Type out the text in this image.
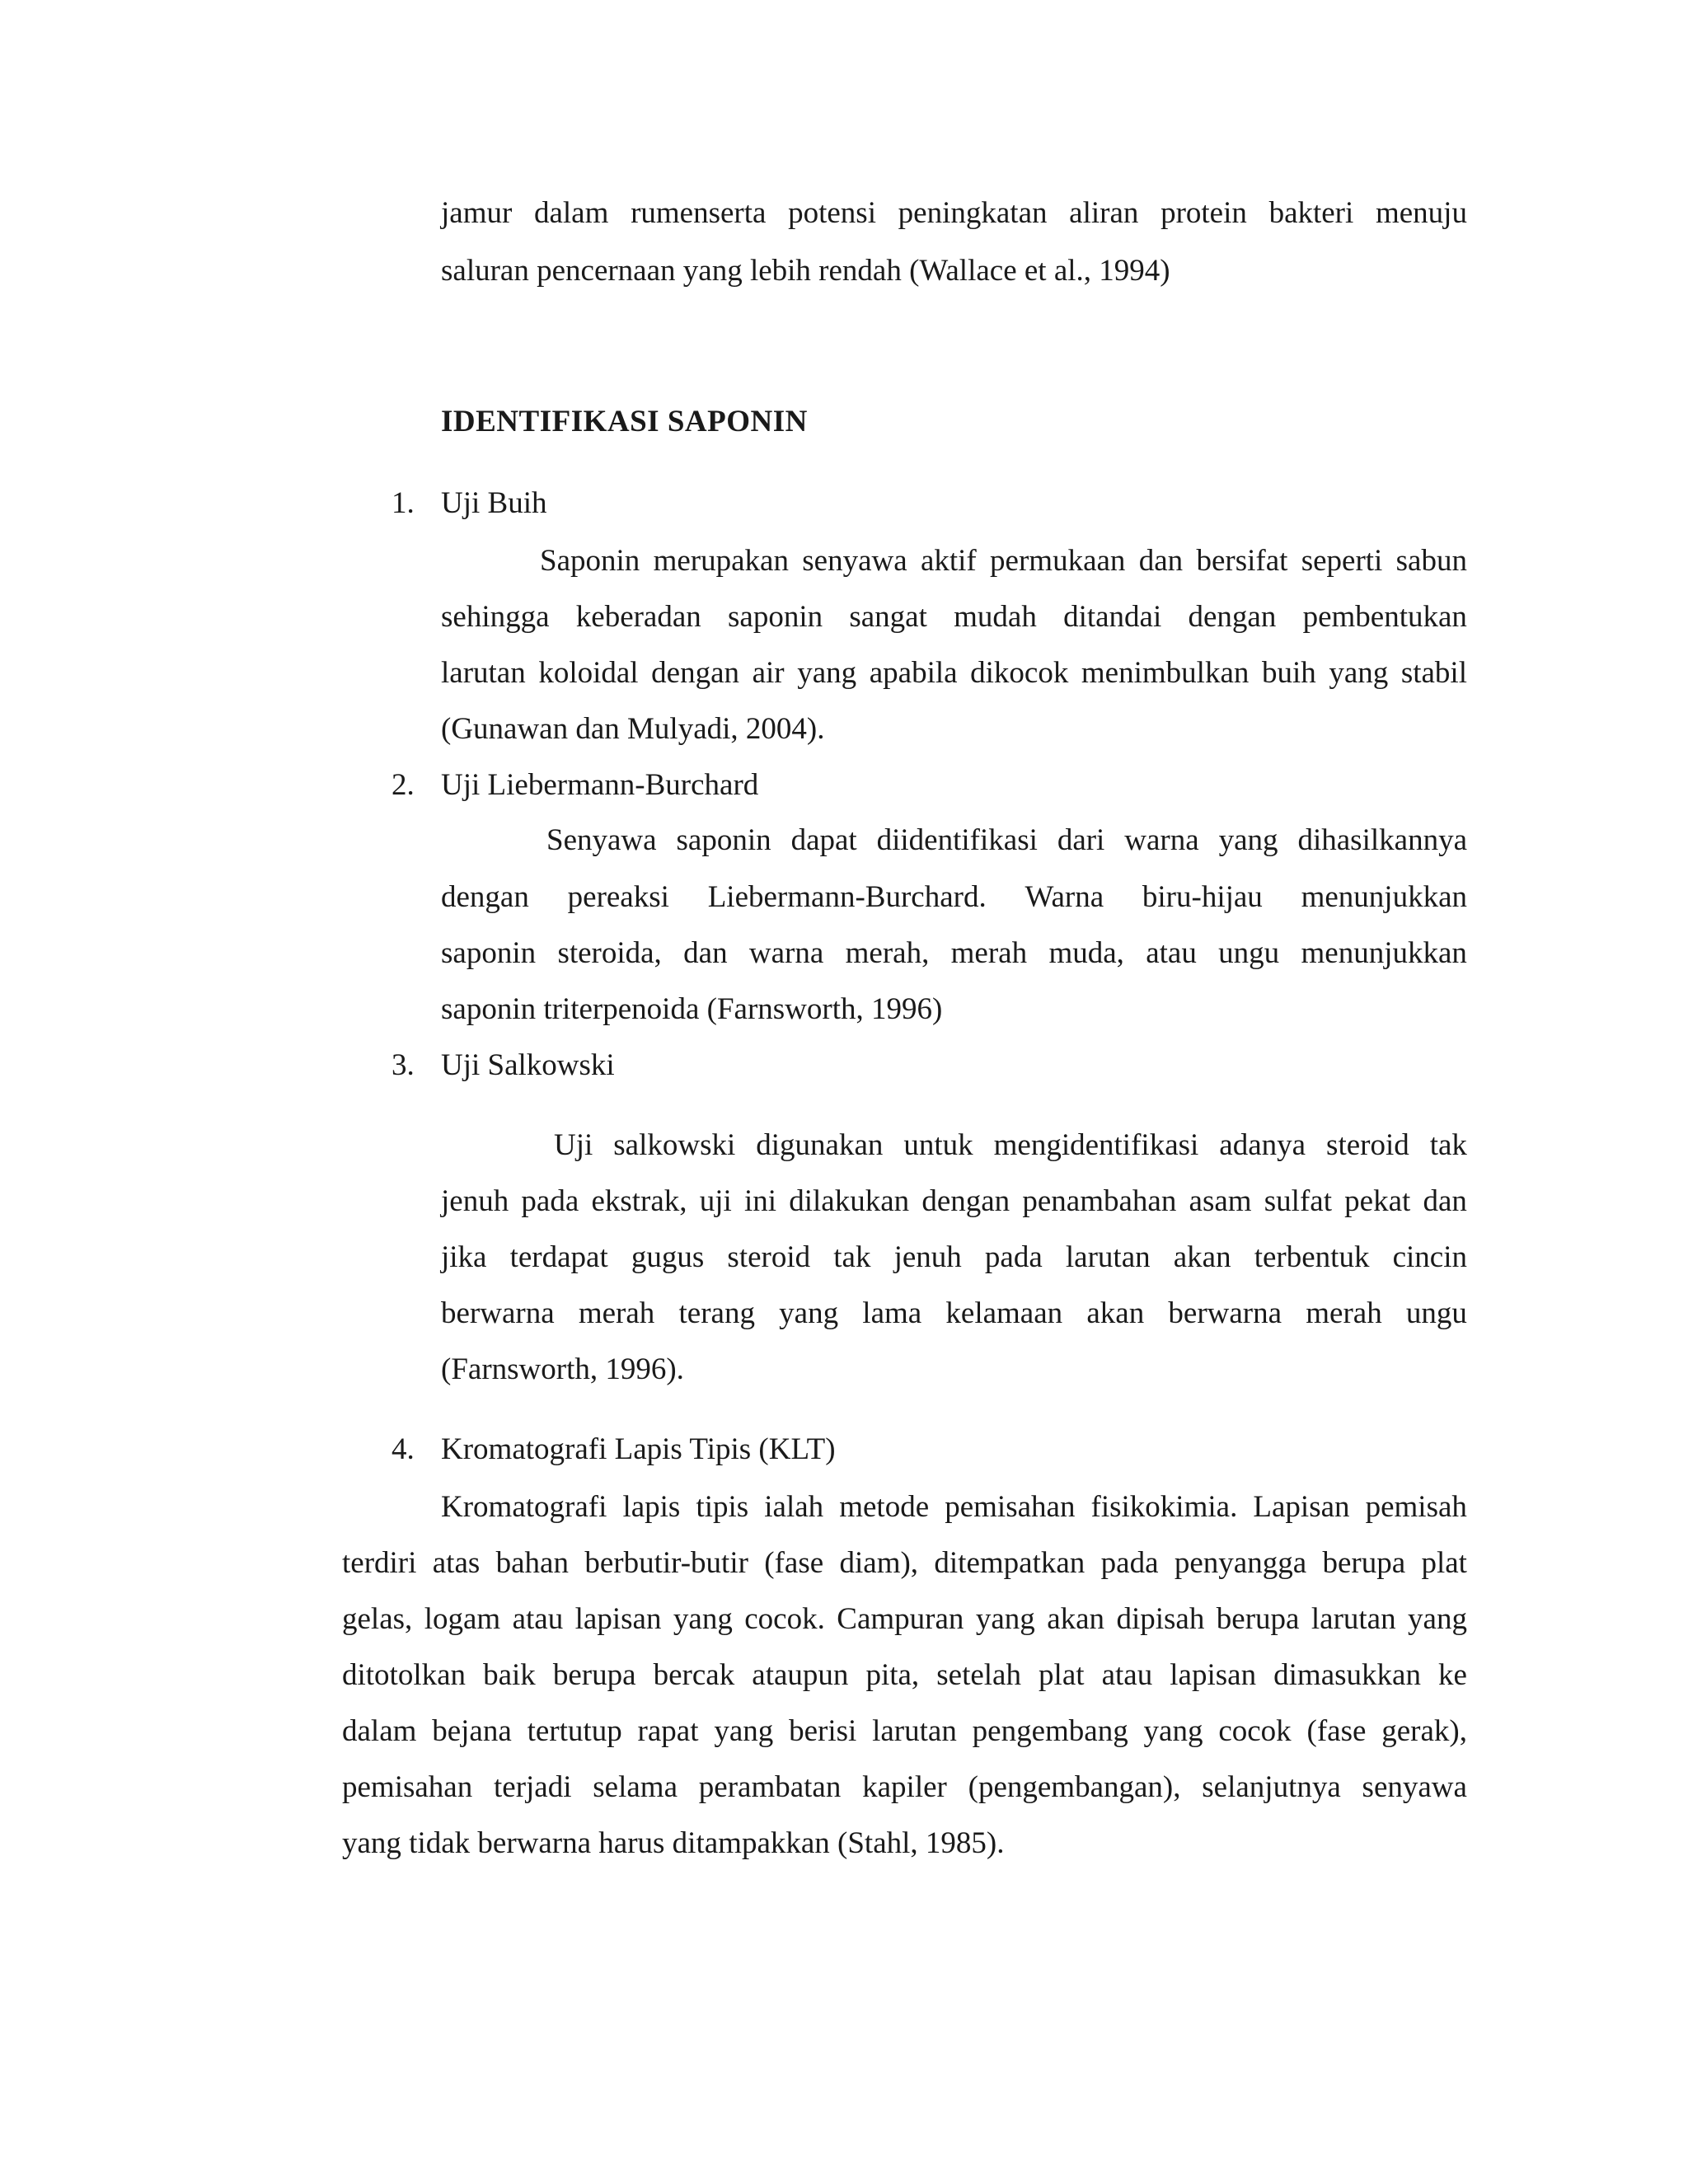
jamur dalam rumenserta potensi peningkatan aliran protein bakteri menuju
saluran pencernaan yang lebih rendah (Wallace et al., 1994)
IDENTIFIKASI SAPONIN
1. Uji Buih
Saponin merupakan senyawa aktif permukaan dan bersifat seperti sabun
sehingga keberadan saponin sangat mudah ditandai dengan pembentukan
larutan koloidal dengan air yang apabila dikocok menimbulkan buih yang stabil
(Gunawan dan Mulyadi, 2004).
2. Uji Liebermann-Burchard
Senyawa saponin dapat diidentifikasi dari warna yang dihasilkannya
dengan pereaksi Liebermann-Burchard. Warna biru-hijau menunjukkan
saponin steroida, dan warna merah, merah muda, atau ungu menunjukkan
saponin triterpenoida (Farnsworth, 1996)
3. Uji Salkowski
Uji salkowski digunakan untuk mengidentifikasi adanya steroid tak
jenuh pada ekstrak, uji ini dilakukan dengan penambahan asam sulfat pekat dan
jika terdapat gugus steroid tak jenuh pada larutan akan terbentuk cincin
berwarna merah terang yang lama kelamaan akan berwarna merah ungu
(Farnsworth, 1996).
4. Kromatografi Lapis Tipis (KLT)
Kromatografi lapis tipis ialah metode pemisahan fisikokimia. Lapisan pemisah
terdiri atas bahan berbutir-butir (fase diam), ditempatkan pada penyangga berupa plat
gelas, logam atau lapisan yang cocok. Campuran yang akan dipisah berupa larutan yang
ditotolkan baik berupa bercak ataupun pita, setelah plat atau lapisan dimasukkan ke
dalam bejana tertutup rapat yang berisi larutan pengembang yang cocok (fase gerak),
pemisahan terjadi selama perambatan kapiler (pengembangan), selanjutnya senyawa
yang tidak berwarna harus ditampakkan (Stahl, 1985).
